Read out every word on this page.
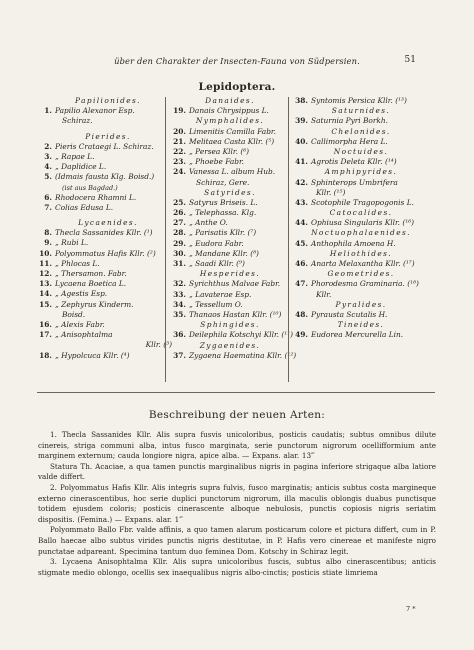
über den Charakter der Insecten-Fauna von Südpersien.	51
Lepidoptera.
Papilionides.
1. Papilio Alexanor Esp.
Schiraz.
Pierides.
2. Pieris Crataegi L. Schiraz.
3. „ Rapae L.
4. „ Daplidice L.
5. (Idmais fausta Klg. Boisd.)
(ist aus Bagdad.)
6. Rhodocera Rhamni L.
7. Colias Edusa L.
Lycaenides.
8. Thecla Sassanides Kllr. (¹)
9. „ Rubi L.
10. Polyommatus Hafis Kllr. (²)
11. „ Phlocas L.
12. „ Thersamon. Fabr.
13. Lycaena Boetica L.
14. „ Agestis Esp.
15. „ Zephyrus Kinderm.
Boisd.
16. „ Alexis Fabr.
17. „ Anisophtalma
Kllr. (³)
18. „ Hypolcuca Kllr. (⁴)
Danaides.
19. Danais Chrysippus L.
Nymphalides.
20. Limenitis Camilla Fabr.
21. Melitaea Casta Kllr. (⁵)
22. „ Persea Kllr. (⁶)
23. „ Phoebe Fabr.
24. Vanessa L. album Hub.
Schiraz, Gere.
Satyrides.
25. Satyrus Briseis. L.
26. „ Telephassa. Klg.
27. „ Anthe O.
28. „ Parisatis Kllr. (⁷)
29. „ Eudora Fabr.
30. „ Mandane Kllr. (⁸)
31. „ Saadi Kllr. (⁹)
Hesperides.
32. Syrichthus Malvae Fabr.
33. „ Lavaterae Esp.
34. „ Tessellum O.
35. Thanaos Hastan Kllr. (¹⁰)
Sphingides.
36. Deilephila Kotschyi Kllr. (¹¹)
Zygaenides.
37. Zygaena Haematina Kllr. (¹²)
38. Syntomis Persica Kllr. (¹³)
Saturnides.
39. Saturnia Pyri Borkh.
Chelonides.
40. Callimorpha Hera L.
Noctuides.
41. Agrotis Deleta Kllr. (¹⁴)
Amphipyrides.
42. Sphinterops Umbrifera
Kllr. (¹⁵)
43. Scotophile Tragopogonis L.
Catocalides.
44. Ophiusa Singularis Kllr. (¹⁶)
Noctuophalaenides.
45. Anthophila Amoena H.
Heliothides.
46. Anarta Melaxantha Kllr. (¹⁷)
Geometrides.
47. Phorodesma Graminaria. (¹⁸)
Kllr.
Pyralides.
48. Pyrausta Scutalis H.
Tineides.
49. Eudorea Mercurella Lin.
Beschreibung der neuen Arten:

1. Thecla Sassanides Kllr. Alis supra fusvis unicoloribus, posticis caudatis; subtus omnibus dilute cinereis, striga communi alba, intus fusco marginata, serie punctorum nigrorum ocellifformium ante marginem externum; cauda longiore nigra, apice alba. — Expans. alar. 13‴

Statura Th. Acaciae, a qua tamen punctis marginalibus nigris in pagina inferiore strigaque alba latiore valde differt.

2. Polyommatus Hafis Kllr. Alis integris supra fulvis, fusco marginatis; anticis subtus costa margineque externo cinerascentibus, hoc serie duplici punctorum nigrorum, illa maculis oblongis duabus punctisque totidem ejusdem coloris; posticis cinerascente alboque nebulosis, punctis copiosis nigris seriatim dispositis. (Femina.) — Expans. alar. 1‴

Polyommato Ballo Fbr. valde affinis, a quo tamen alarum posticarum colore et pictura differt, cum in P. Ballo haecae albo subtus virides punctis nigris destitutae, in P. Hafis vero cinereae et manifeste nigro punctatae adpareant. Specimina tantum duo feminea Dom. Kotschy in Schiraz legit.

3. Lycaena Anisophtalma Kllr. Alis supra unicoloribus fuscis, subtus albo cinerascentibus; anticis stigmate medio oblongo, ocellis sex inaequalibus nigris albo-cinctis; posticis stiate limriema

7 *
